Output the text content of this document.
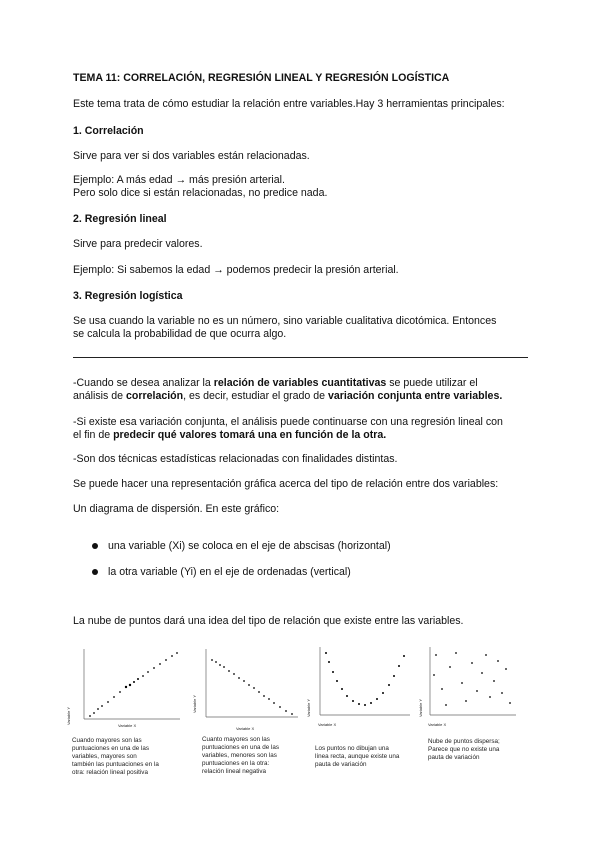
TEMA 11: CORRELACIÓN, REGRESIÓN LINEAL Y REGRESIÓN LOGÍSTICA
Este tema trata de cómo estudiar la relación entre variables.Hay 3 herramientas principales:
1. Correlación
Sirve para ver si dos variables están relacionadas.
Ejemplo: A más edad → más presión arterial.
Pero solo dice si están relacionadas, no predice nada.
2. Regresión lineal
Sirve para predecir valores.
Ejemplo: Si sabemos la edad → podemos predecir la presión arterial.
3. Regresión logística
Se usa cuando la variable no es un número, sino variable cualitativa dicotómica. Entonces
se calcula la probabilidad de que ocurra algo.
-Cuando se desea analizar la relación de variables cuantitativas se puede utilizar el
análisis de correlación, es decir, estudiar el grado de variación conjunta entre variables.
-Si existe esa variación conjunta, el análisis puede continuarse con una regresión lineal con
el fin de predecir qué valores tomará una en función de la otra.
-Son dos técnicas estadísticas relacionadas con finalidades distintas.
Se puede hacer una representación gráfica acerca del tipo de relación entre dos variables:
Un diagrama de dispersión. En este gráfico:
una variable (Xi) se coloca en el eje de abscisas (horizontal)
la otra variable (Yi) en el eje de ordenadas (vertical)
La nube de puntos dará una idea del tipo de relación que existe entre las variables.
Variable Y
Variable X
Cuando mayores son las
puntuaciones en una de las
variables, mayores son
también las puntuaciones en la
otra: relación lineal positiva
Variable Y
Variable X
Cuanto mayores son las
puntuaciones en una de las
variables, menores son las
puntuaciones en la otra:
relación lineal negativa
Variable Y
Variable X
Los puntos no dibujan una
línea recta, aunque existe una
pauta de variación
Variable Y
Variable X
Nube de puntos dispersa;
Parece que no existe una
pauta de variación
